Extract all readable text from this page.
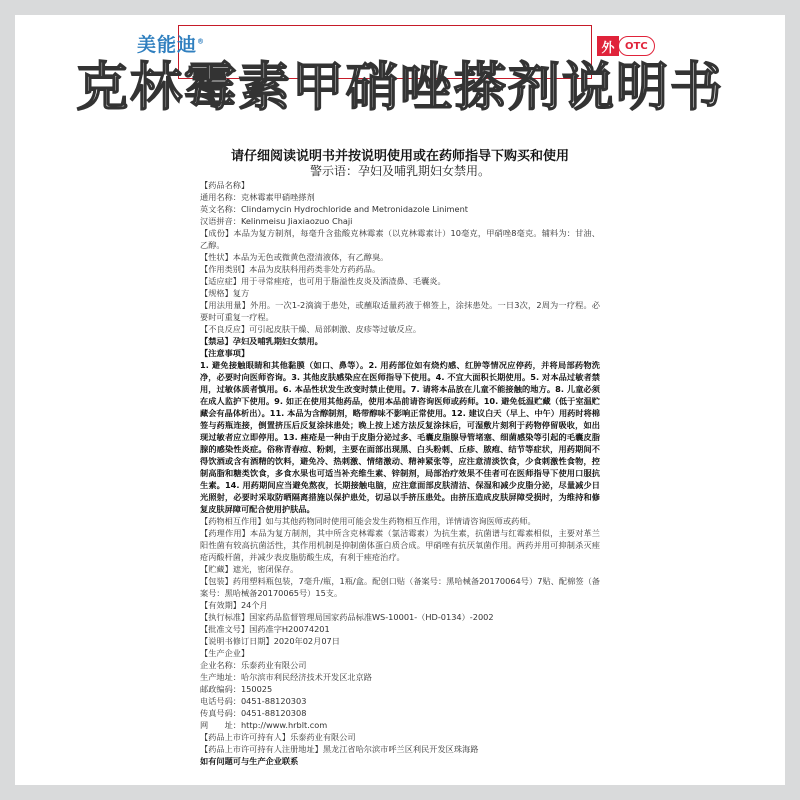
美能迪®	外	OTC
克林霉素甲硝唑搽剂说明书
请仔细阅读说明书并按说明使用或在药师指导下购买和使用
警示语：孕妇及哺乳期妇女禁用。
【药品名称】
通用名称：克林霉素甲硝唑搽剂
英文名称：Clindamycin Hydrochloride and Metronidazole Liniment
汉语拼音：Kelinmeisu Jiaxiaozuo Chaji
【成份】本品为复方制剂，每毫升含盐酸克林霉素（以克林霉素计）10毫克，甲硝唑8毫克。辅料为：甘油、乙醇。
【性状】本品为无色或微黄色澄清液体，有乙醇臭。
【作用类别】本品为皮肤科用药类非处方药药品。
【适应症】用于寻常痤疮，也可用于脂溢性皮炎及酒渣鼻、毛囊炎。
【规格】复方
【用法用量】外用。一次1-2滴滴于患处，或蘸取适量药液于棉签上，涂抹患处。一日3次，2周为一疗程。必要时可重复一疗程。
【不良反应】可引起皮肤干燥、局部刺激、皮疹等过敏反应。
【禁忌】孕妇及哺乳期妇女禁用。
【注意事项】
1. 避免接触眼睛和其他黏膜（如口、鼻等）。2. 用药部位如有烧灼感、红肿等情况应停药，并将局部药物洗净，必要时向医师咨询。3. 其他皮肤感染应在医师指导下使用。4. 不宜大面积长期使用。5. 对本品过敏者禁用，过敏体质者慎用。6. 本品性状发生改变时禁止使用。7. 请将本品放在儿童不能接触的地方。8. 儿童必须在成人监护下使用。9. 如正在使用其他药品，使用本品前请咨询医师或药师。10. 避免低温贮藏（低于室温贮藏会有晶体析出）。11. 本品为含醇制剂，略带醇味不影响正常使用。12. 建议白天（早上、中午）用药时将棉签与药瓶连接，倒置挤压后反复涂抹患处；晚上按上述方法反复涂抹后，可湿敷片刻利于药物停留吸收，如出现过敏者应立即停用。13. 痤疮是一种由于皮脂分泌过多、毛囊皮脂腺导管堵塞、细菌感染等引起的毛囊皮脂腺的感染性炎症。俗称青春痘、粉刺，主要在面部出现黑、白头粉刺、丘疹、脓疱、结节等症状，用药期间不得饮酒或含有酒精的饮料，避免冷、热刺激、情绪激动、精神紧张等，应注意清淡饮食，少食刺激性食物，控制高脂和糖类饮食，多食水果也可适当补充维生素、锌制剂，局部治疗效果不佳者可在医师指导下使用口服抗生素。14. 用药期间应当避免熬夜，长期接触电脑，应注意面部皮肤清洁、保湿和减少皮脂分泌，尽量减少日光照射，必要时采取防晒隔离措施以保护患处，切忌以手挤压患处。由挤压造成皮肤屏障受损时，为维持和修复皮肤屏障可配合使用护肤品。
【药物相互作用】如与其他药物同时使用可能会发生药物相互作用，详情请咨询医师或药师。
【药理作用】本品为复方制剂，其中所含克林霉素（氯洁霉素）为抗生素，抗菌谱与红霉素相似，主要对革兰阳性菌有较高抗菌活性，其作用机制是抑制菌体蛋白质合成。甲硝唑有抗厌氧菌作用。两药并用可抑制杀灭痤疮丙酸杆菌，并减少表皮脂肪酸生成，有利于痤疮治疗。
【贮藏】遮光，密闭保存。
【包装】药用塑料瓶包装，7毫升/瓶，1瓶/盒。配创口贴（备案号：黑哈械备20170064号）7贴、配棉签（备案号：黑哈械备20170065号）15支。
【有效期】24个月
【执行标准】国家药品监督管理局国家药品标准WS-10001-（HD-0134）-2002
【批准文号】国药准字H20074201
【说明书修订日期】2020年02月07日
【生产企业】
企业名称：乐泰药业有限公司
生产地址：哈尔滨市利民经济技术开发区北京路
邮政编码：150025
电话号码：0451-88120303
传真号码：0451-88120308
网　　址：http://www.hrblt.com
【药品上市许可持有人】乐泰药业有限公司
【药品上市许可持有人注册地址】黑龙江省哈尔滨市呼兰区利民开发区珠海路
如有问题可与生产企业联系
